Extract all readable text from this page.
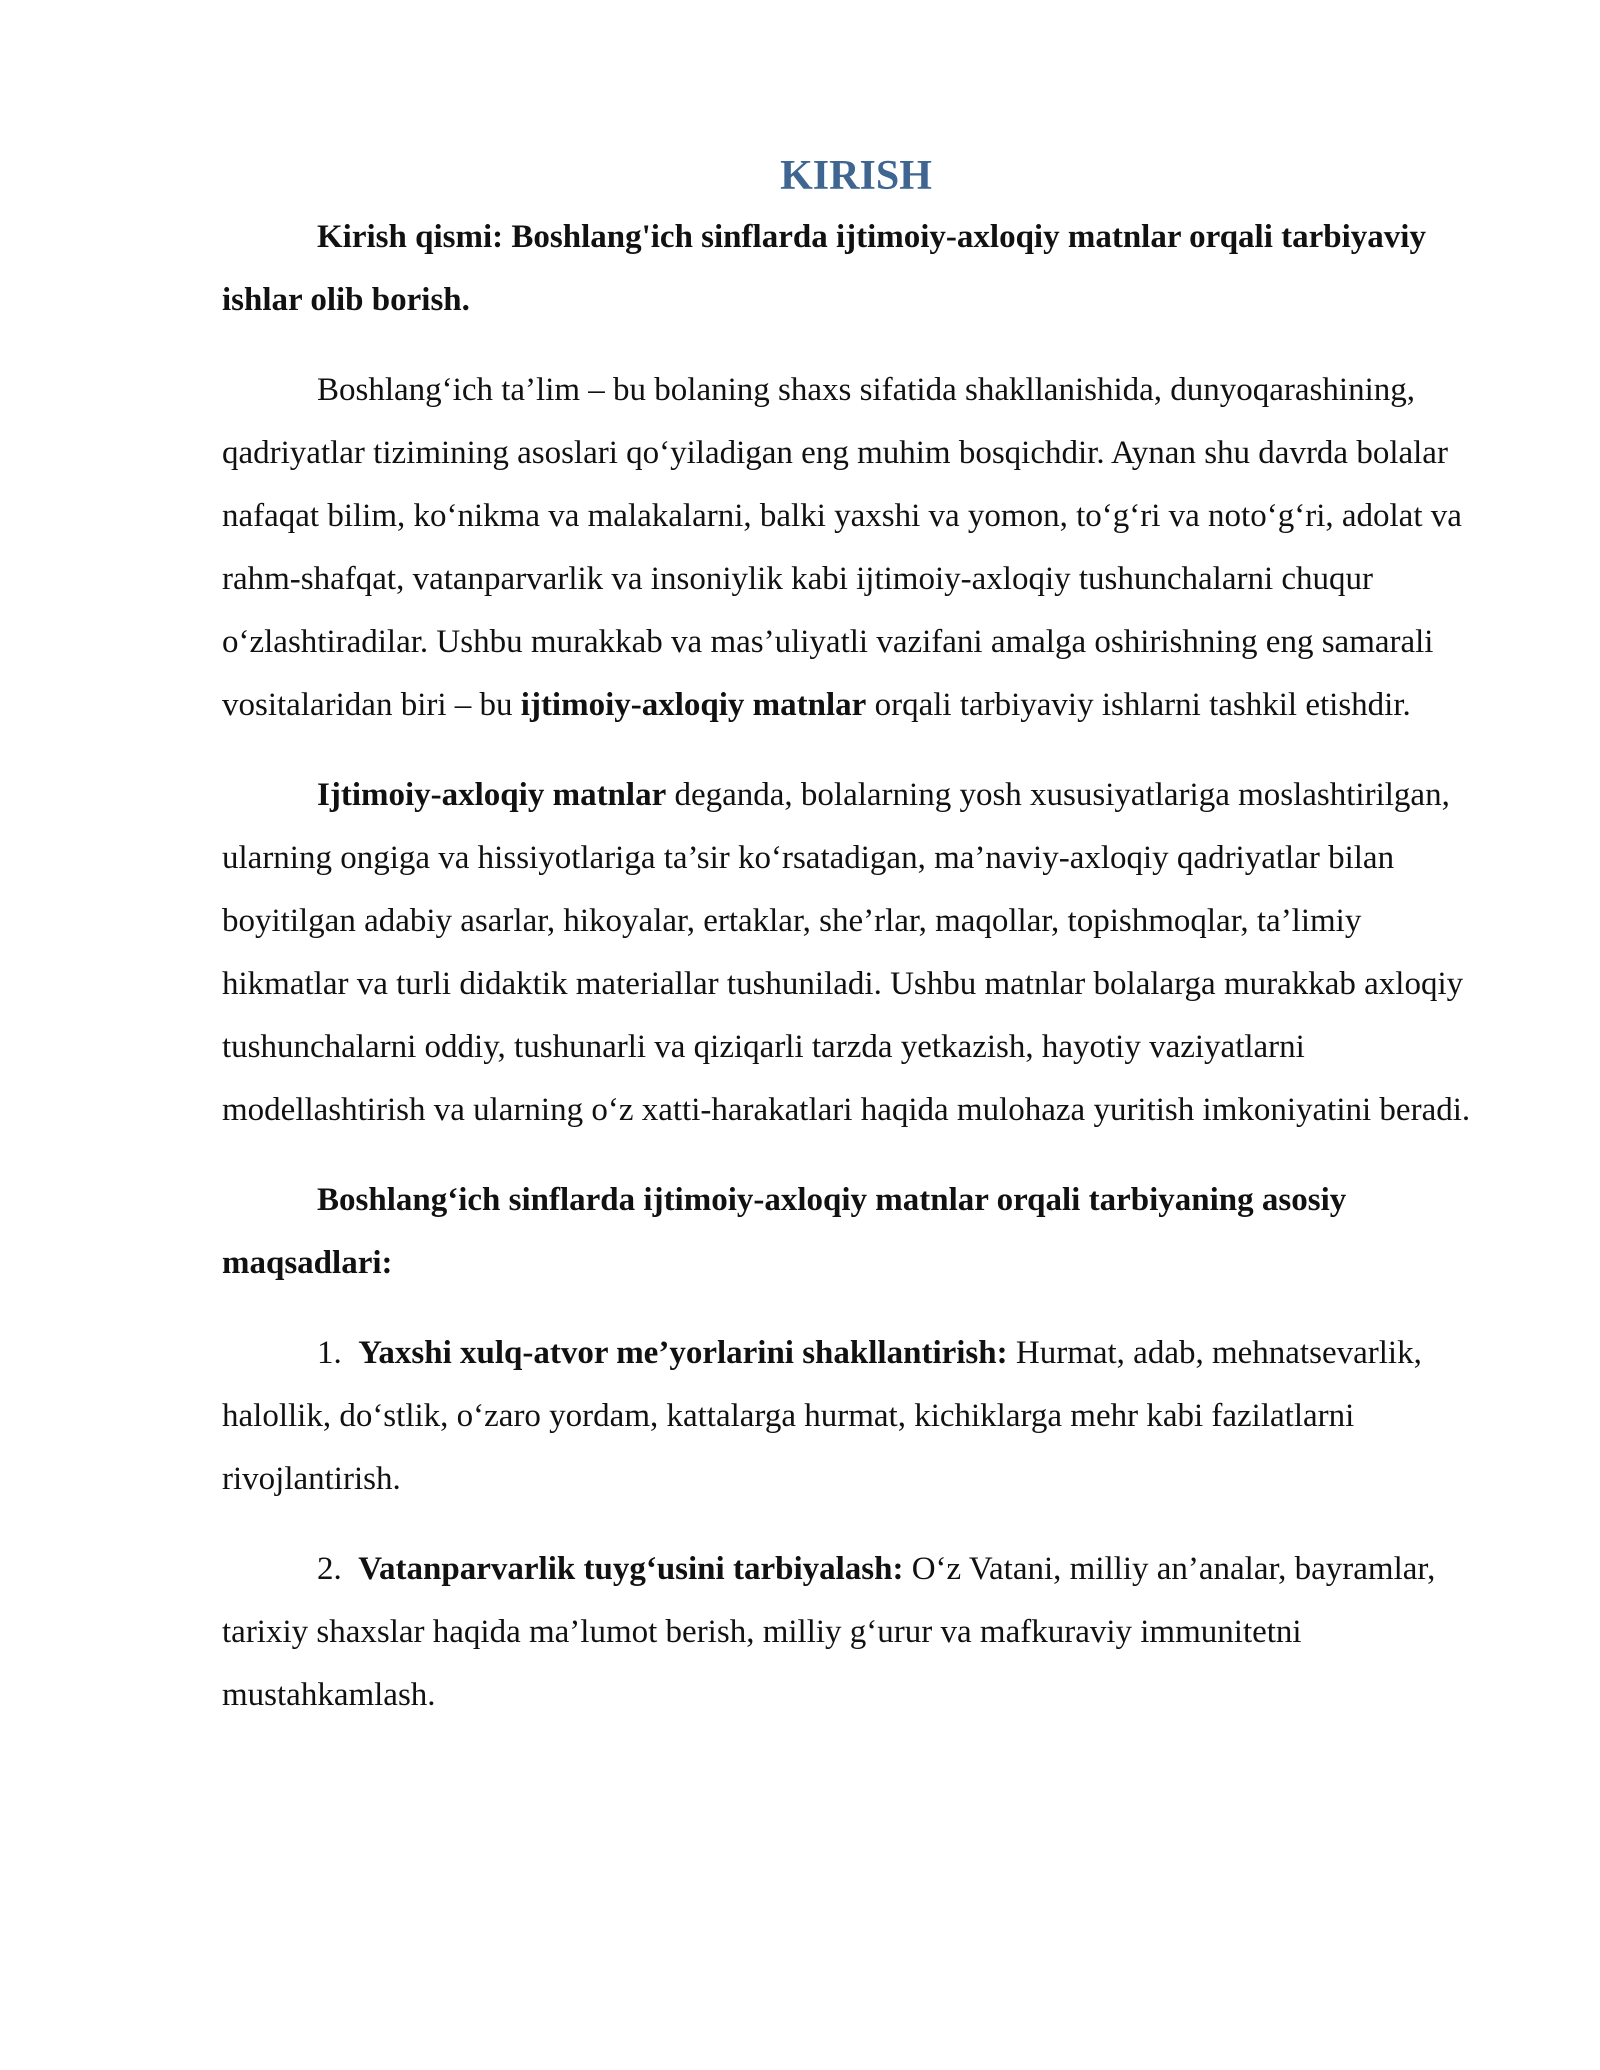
KIRISH

Kirish qismi: Boshlang'ich sinflarda ijtimoiy-axloqiy matnlar orqali tarbiyaviy ishlar olib borish.

Boshlang‘ich ta’lim – bu bolaning shaxs sifatida shakllanishida, dunyoqarashining, qadriyatlar tizimining asoslari qo‘yiladigan eng muhim bosqichdir. Aynan shu davrda bolalar nafaqat bilim, ko‘nikma va malakalarni, balki yaxshi va yomon, to‘g‘ri va noto‘g‘ri, adolat va rahm-shafqat, vatanparvarlik va insoniylik kabi ijtimoiy-axloqiy tushunchalarni chuqur o‘zlashtiradilar. Ushbu murakkab va mas’uliyatli vazifani amalga oshirishning eng samarali vositalaridan biri – bu ijtimoiy-axloqiy matnlar orqali tarbiyaviy ishlarni tashkil etishdir.

Ijtimoiy-axloqiy matnlar deganda, bolalarning yosh xususiyatlariga moslashtirilgan, ularning ongiga va hissiyotlariga ta’sir ko‘rsatadigan, ma’naviy-axloqiy qadriyatlar bilan boyitilgan adabiy asarlar, hikoyalar, ertaklar, she’rlar, maqollar, topishmoqlar, ta’limiy hikmatlar va turli didaktik materiallar tushuniladi. Ushbu matnlar bolalarga murakkab axloqiy tushunchalarni oddiy, tushunarli va qiziqarli tarzda yetkazish, hayotiy vaziyatlarni modellashtirish va ularning o‘z xatti-harakatlari haqida mulohaza yuritish imkoniyatini beradi.

Boshlang‘ich sinflarda ijtimoiy-axloqiy matnlar orqali tarbiyaning asosiy maqsadlari:

1. Yaxshi xulq-atvor me’yorlarini shakllantirish: Hurmat, adab, mehnatsevarlik, halollik, do‘stlik, o‘zaro yordam, kattalarga hurmat, kichiklarga mehr kabi fazilatlarni rivojlantirish.

2. Vatanparvarlik tuyg‘usini tarbiyalash: O‘z Vatani, milliy an’analar, bayramlar, tarixiy shaxslar haqida ma’lumot berish, milliy g‘urur va mafkuraviy immunitetni mustahkamlash.
